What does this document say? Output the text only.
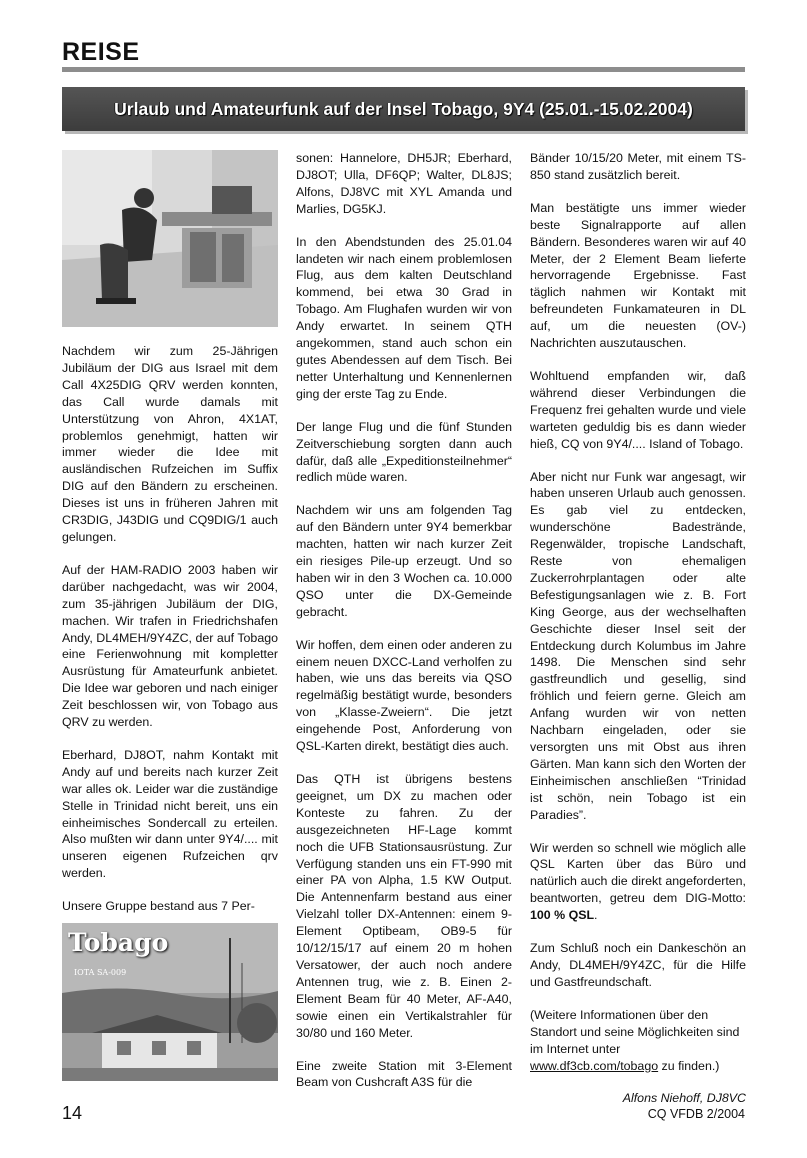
REISE
Urlaub und Amateurfunk auf der Insel Tobago, 9Y4 (25.01.-15.02.2004)

Nachdem wir zum 25-Jährigen Jubiläum der DIG aus Israel mit dem Call 4X25DIG QRV werden konnten, das Call wurde damals mit Unterstützung von Ahron, 4X1AT, problemlos genehmigt, hatten wir immer wieder die Idee mit ausländischen Rufzeichen im Suffix DIG auf den Bändern zu erscheinen. Dieses ist uns in früheren Jahren mit CR3DIG, J43DIG und CQ9DIG/1 auch gelungen.

Auf der HAM-RADIO 2003 haben wir darüber nachgedacht, was wir 2004, zum 35-jährigen Jubiläum der DIG, machen. Wir trafen in Friedrichshafen Andy, DL4MEH/9Y4ZC, der auf Tobago eine Ferienwohnung mit kompletter Ausrüstung für Amateurfunk anbietet. Die Idee war geboren und nach einiger Zeit beschlossen wir, von Tobago aus QRV zu werden.

Eberhard, DJ8OT, nahm Kontakt mit Andy auf und bereits nach kurzer Zeit war alles ok. Leider war die zuständige Stelle in Trinidad nicht bereit, uns ein einheimisches Sondercall zu erteilen. Also mußten wir dann unter 9Y4/.... mit unseren eigenen Rufzeichen qrv werden.

Unsere Gruppe bestand aus 7 Per-

Tobago
IOTA SA-009

sonen: Hannelore, DH5JR; Eberhard, DJ8OT; Ulla, DF6QP; Walter, DL8JS; Alfons, DJ8VC mit XYL Amanda und Marlies, DG5KJ.

In den Abendstunden des 25.01.04 landeten wir nach einem problemlosen Flug, aus dem kalten Deutschland kommend, bei etwa 30 Grad in Tobago. Am Flughafen wurden wir von Andy erwartet. In seinem QTH angekommen, stand auch schon ein gutes Abendessen auf dem Tisch. Bei netter Unterhaltung und Kennenlernen ging der erste Tag zu Ende.

Der lange Flug und die fünf Stunden Zeitverschiebung sorgten dann auch dafür, daß alle „Expeditionsteilnehmer“ redlich müde waren.

Nachdem wir uns am folgenden Tag auf den Bändern unter 9Y4 bemerkbar machten, hatten wir nach kurzer Zeit ein riesiges Pile-up erzeugt. Und so haben wir in den 3 Wochen ca. 10.000 QSO unter die DX-Gemeinde gebracht.

Wir hoffen, dem einen oder anderen zu einem neuen DXCC-Land verholfen zu haben, wie uns das bereits via QSO regelmäßig bestätigt wurde, besonders von „Klasse-Zweiern“. Die jetzt eingehende Post, Anforderung von QSL-Karten direkt, bestätigt dies auch.

Das QTH ist übrigens bestens geeignet, um DX zu machen oder Konteste zu fahren. Zu der ausgezeichneten HF-Lage kommt noch die UFB Stationsausrüstung. Zur Verfügung standen uns ein FT-990 mit einer PA von Alpha, 1.5 KW Output. Die Antennenfarm bestand aus einer Vielzahl toller DX-Antennen: einem 9-Element Optibeam, OB9-5 für 10/12/15/17 auf einem 20 m hohen Versatower, der auch noch andere Antennen trug, wie z. B. Einen 2-Element Beam für 40 Meter, AF-A40, sowie einen ein Vertikalstrahler für 30/80 und 160 Meter.

Eine zweite Station mit 3-Element Beam von Cushcraft A3S für die

Bänder 10/15/20 Meter, mit einem TS-850 stand zusätzlich bereit.

Man bestätigte uns immer wieder beste Signalrapporte auf allen Bändern. Besonderes waren wir auf 40 Meter, der 2 Element Beam lieferte hervorragende Ergebnisse. Fast täglich nahmen wir Kontakt mit befreundeten Funkamateuren in DL auf, um die neuesten (OV-) Nachrichten auszutauschen.

Wohltuend empfanden wir, daß während dieser Verbindungen die Frequenz frei gehalten wurde und viele warteten geduldig bis es dann wieder hieß, CQ von 9Y4/.... Island of Tobago.

Aber nicht nur Funk war angesagt, wir haben unseren Urlaub auch genossen. Es gab viel zu entdecken, wunderschöne Badestrände, Regenwälder, tropische Landschaft, Reste von ehemaligen Zuckerrohrplantagen oder alte Befestigungsanlagen wie z. B. Fort King George, aus der wechselhaften Geschichte dieser Insel seit der Entdeckung durch Kolumbus im Jahre 1498. Die Menschen sind sehr gastfreundlich und gesellig, sind fröhlich und feiern gerne. Gleich am Anfang wurden wir von netten Nachbarn eingeladen, oder sie versorgten uns mit Obst aus ihren Gärten. Man kann sich den Worten der Einheimischen anschließen “Trinidad ist schön, nein Tobago ist ein Paradies”.

Wir werden so schnell wie möglich alle QSL Karten über das Büro und natürlich auch die direkt angeforderten, beantworten, getreu dem DIG-Motto: 100 % QSL.

Zum Schluß noch ein Dankeschön an Andy, DL4MEH/9Y4ZC, für die Hilfe und Gastfreundschaft.

(Weitere Informationen über den Standort und seine Möglichkeiten sind im Internet unter www.df3cb.com/tobago zu finden.)

Alfons Niehoff, DJ8VC

14	CQ VFDB 2/2004
